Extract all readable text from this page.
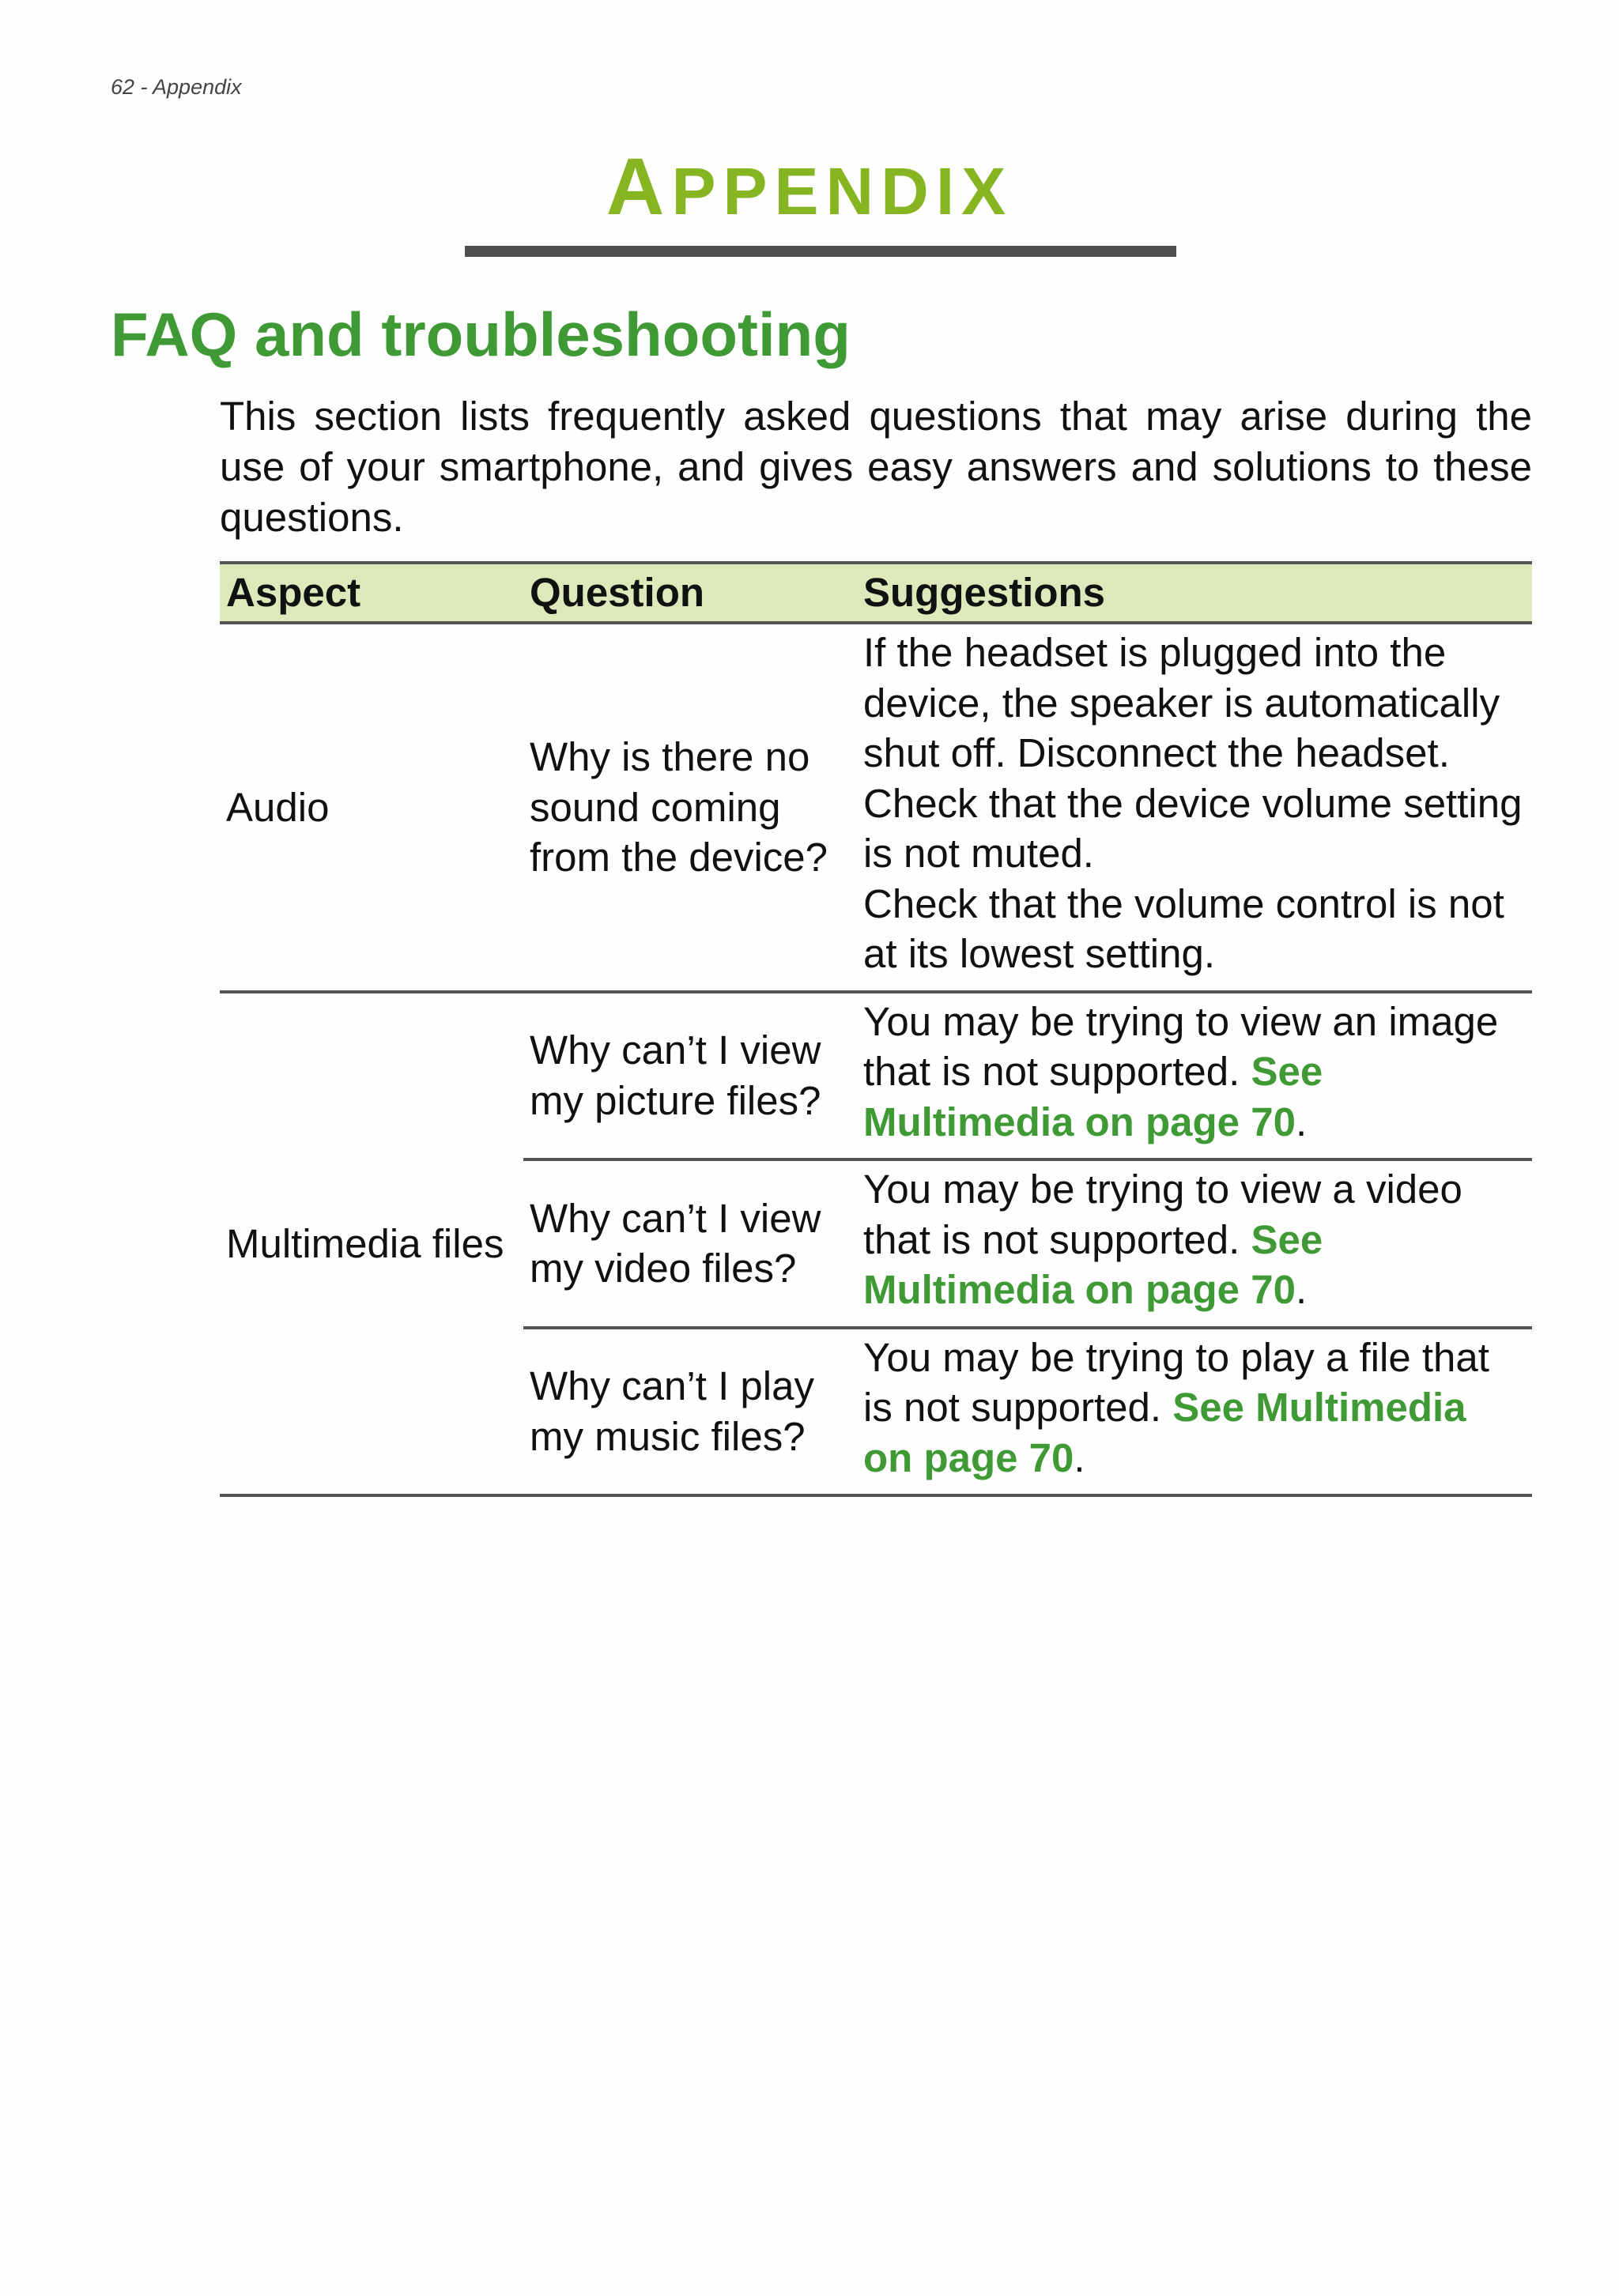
62 - Appendix
APPENDIX
FAQ and troubleshooting
This section lists frequently asked questions that may arise during the use of your smartphone, and gives easy answers and solutions to these questions.
Aspect	Question	Suggestions
Audio	Why is there no sound coming from the device?	If the headset is plugged into the device, the speaker is automatically shut off. Disconnect the headset.

Check that the device volume setting is not muted.

Check that the volume control is not at its lowest setting.

Multimedia files	Why can’t I view my picture files?	You may be trying to view an image that is not supported. See Multimedia on page 70.
	Why can’t I view my video files?	You may be trying to view a video that is not supported. See Multimedia on page 70.
	Why can’t I play my music files?	You may be trying to play a file that is not supported. See Multimedia on page 70.
